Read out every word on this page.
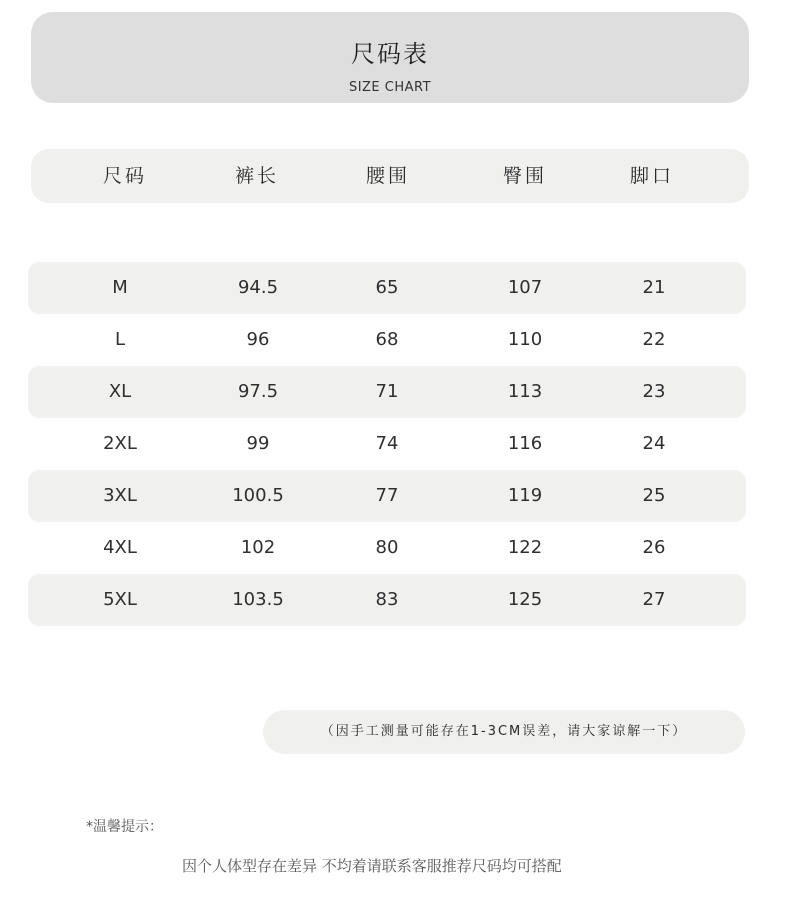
尺码表
SIZE CHART
尺码	裤长	腰围	臀围	脚口
M	94.5	65	107	21
L	96	68	110	22
XL	97.5	71	113	23
2XL	99	74	116	24
3XL	100.5	77	119	25
4XL	102	80	122	26
5XL	103.5	83	125	27
（因手工测量可能存在1-3CM误差，请大家谅解一下）
*温馨提示：
因个人体型存在差异 不均着请联系客服推荐尺码均可搭配
